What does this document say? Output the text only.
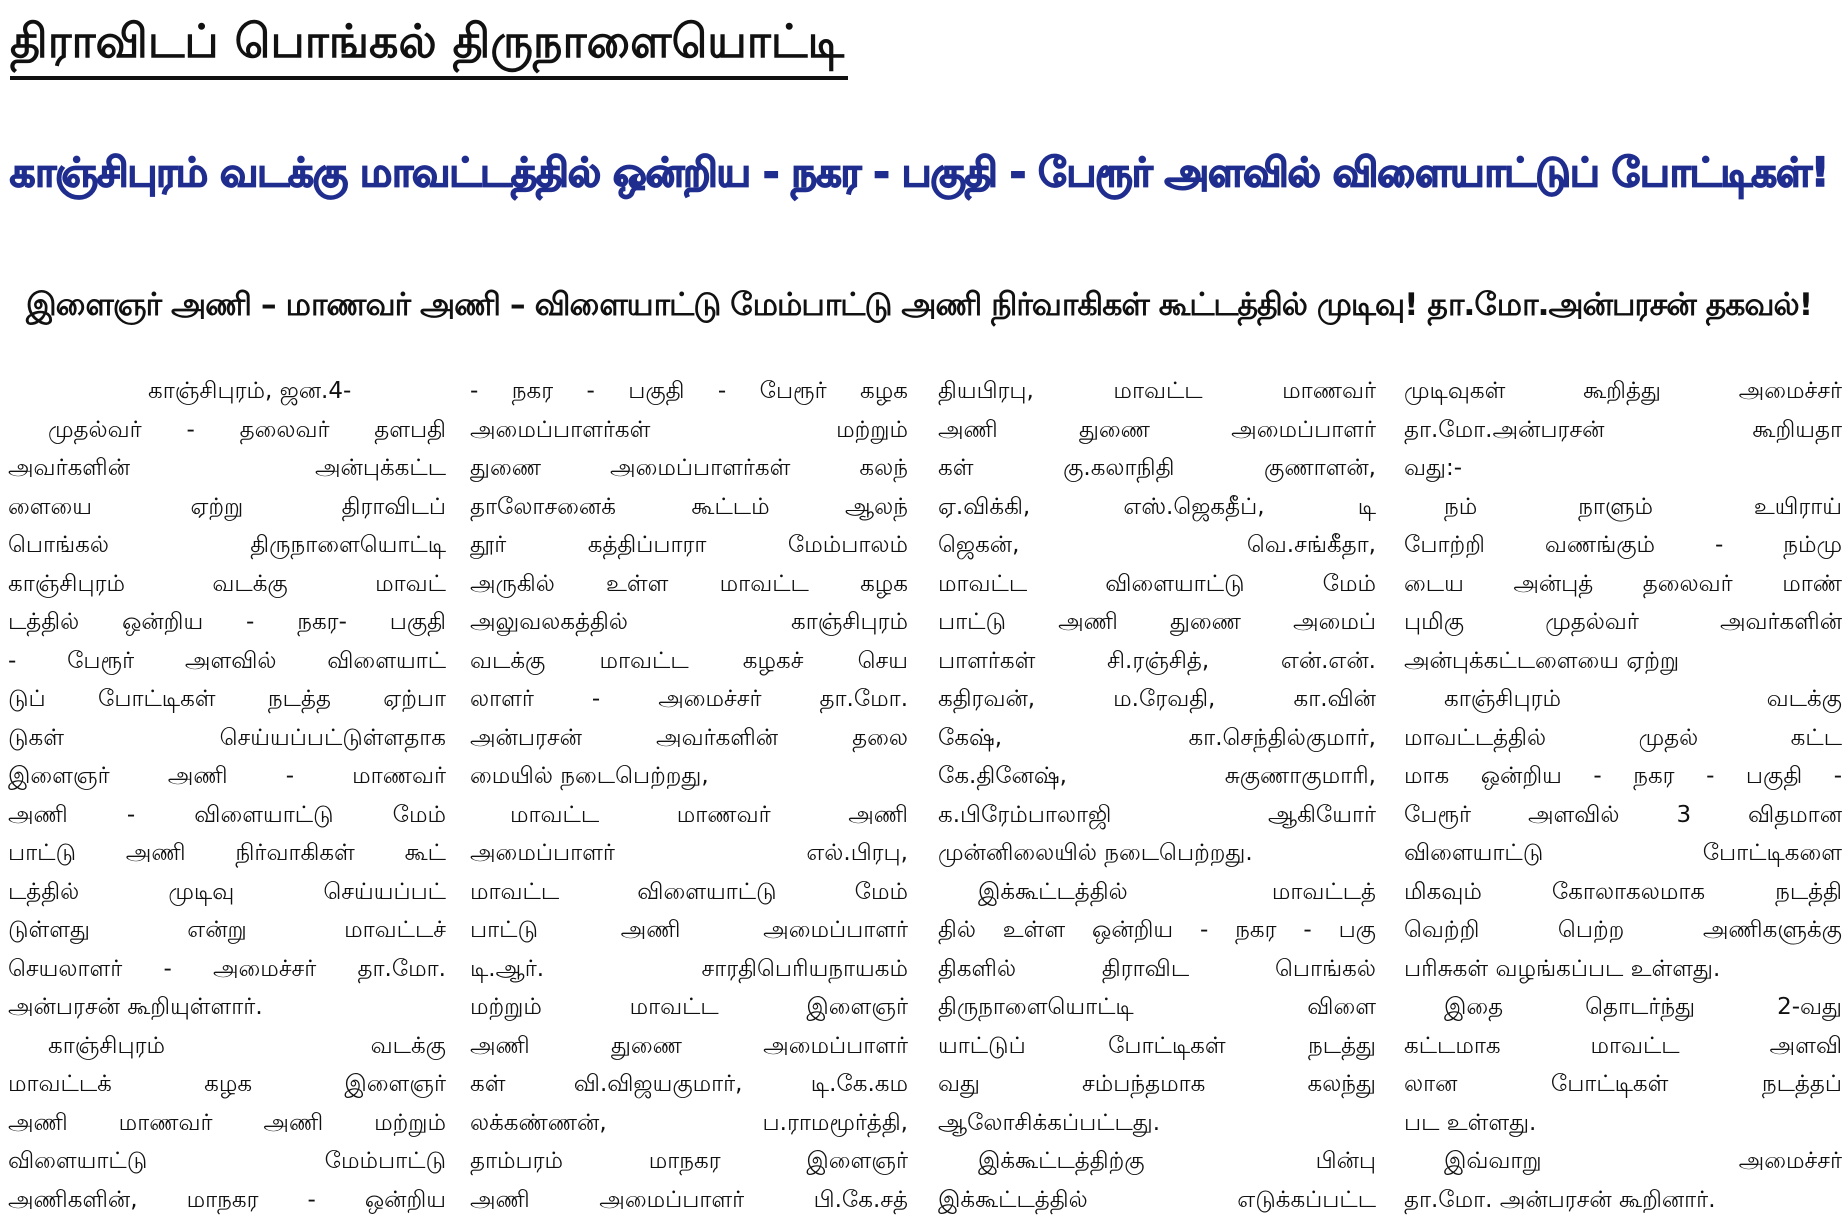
திராவிடப் பொங்கல் திருநாளையொட்டி
காஞ்சிபுரம் வடக்கு மாவட்டத்தில் ஒன்றிய - நகர - பகுதி - பேரூர் அளவில் விளையாட்டுப் போட்டிகள்!
இளைஞர் அணி – மாணவர் அணி – விளையாட்டு மேம்பாட்டு அணி நிர்வாகிகள் கூட்டத்தில் முடிவு! தா.மோ.அன்பரசன் தகவல்!
காஞ்சிபுரம், ஜன.4-
முதல்வர் - தலைவர் தளபதி
அவர்களின் அன்புக்கட்ட
ளையை ஏற்று திராவிடப்
பொங்கல் திருநாளையொட்டி
காஞ்சிபுரம் வடக்கு மாவட்
டத்தில் ஒன்றிய - நகர- பகுதி
- பேரூர் அளவில் விளையாட்
டுப் போட்டிகள் நடத்த ஏற்பா
டுகள் செய்யப்பட்டுள்ளதாக
இளைஞர் அணி - மாணவர்
அணி - விளையாட்டு மேம்
பாட்டு அணி நிர்வாகிகள் கூட்
டத்தில் முடிவு செய்யப்பட்
டுள்ளது என்று மாவட்டச்
செயலாளர் - அமைச்சர் தா.மோ.
அன்பரசன் கூறியுள்ளார்.
காஞ்சிபுரம் வடக்கு
மாவட்டக் கழக இளைஞர்
அணி மாணவர் அணி மற்றும்
விளையாட்டு மேம்பாட்டு
அணிகளின், மாநகர - ஒன்றிய
- நகர - பகுதி - பேரூர் கழக
அமைப்பாளர்கள் மற்றும்
துணை அமைப்பாளர்கள் கலந்
தாலோசனைக் கூட்டம் ஆலந்
தூர் கத்திப்பாரா மேம்பாலம்
அருகில் உள்ள மாவட்ட கழக
அலுவலகத்தில் காஞ்சிபுரம்
வடக்கு மாவட்ட கழகச் செய
லாளர் - அமைச்சர் தா.மோ.
அன்பரசன் அவர்களின் தலை
மையில் நடைபெற்றது,
மாவட்ட மாணவர் அணி
அமைப்பாளர் எல்.பிரபு,
மாவட்ட விளையாட்டு மேம்
பாட்டு அணி அமைப்பாளர்
டி.ஆர். சாரதிபெரியநாயகம்
மற்றும் மாவட்ட இளைஞர்
அணி துணை அமைப்பாளர்
கள் வி.விஜயகுமார், டி.கே.கம
லக்கண்ணன், ப.ராமமூர்த்தி,
தாம்பரம் மாநகர இளைஞர்
அணி அமைப்பாளர் பி.கே.சத்
தியபிரபு, மாவட்ட மாணவர்
அணி துணை அமைப்பாளர்
கள் கு.கலாநிதி குணாளன்,
ஏ.விக்கி, எஸ்.ஜெகதீப், டி
ஜெகன், வெ.சங்கீதா,
மாவட்ட விளையாட்டு மேம்
பாட்டு அணி துணை அமைப்
பாளர்கள் சி.ரஞ்சித், என்.என்.
கதிரவன், ம.ரேவதி, கா.வின்
கேஷ், கா.செந்தில்குமார்,
கே.தினேஷ், சுகுணாகுமாரி,
க.பிரேம்பாலாஜி ஆகியோர்
முன்னிலையில் நடைபெற்றது.
இக்கூட்டத்தில் மாவட்டத்
தில் உள்ள ஒன்றிய - நகர - பகு
திகளில் திராவிட பொங்கல்
திருநாளையொட்டி விளை
யாட்டுப் போட்டிகள் நடத்து
வது சம்பந்தமாக கலந்து
ஆலோசிக்கப்பட்டது.
இக்கூட்டத்திற்கு பின்பு
இக்கூட்டத்தில் எடுக்கப்பட்ட
முடிவுகள் கூறித்து அமைச்சர்
தா.மோ.அன்பரசன் கூறியதா
வது:-
நம் நாளும் உயிராய்
போற்றி வணங்கும் - நம்மு
டைய அன்புத் தலைவர் மாண்
புமிகு முதல்வர் அவர்களின்
அன்புக்கட்டளையை ஏற்று
காஞ்சிபுரம் வடக்கு
மாவட்டத்தில் முதல் கட்ட
மாக ஒன்றிய - நகர - பகுதி -
பேரூர் அளவில் 3 விதமான
விளையாட்டு போட்டிகளை
மிகவும் கோலாகலமாக நடத்தி
வெற்றி பெற்ற அணிகளுக்கு
பரிசுகள் வழங்கப்பட உள்ளது.
இதை தொடர்ந்து 2-வது
கட்டமாக மாவட்ட அளவி
லான போட்டிகள் நடத்தப்
பட உள்ளது.
இவ்வாறு அமைச்சர்
தா.மோ. அன்பரசன் கூறினார்.
